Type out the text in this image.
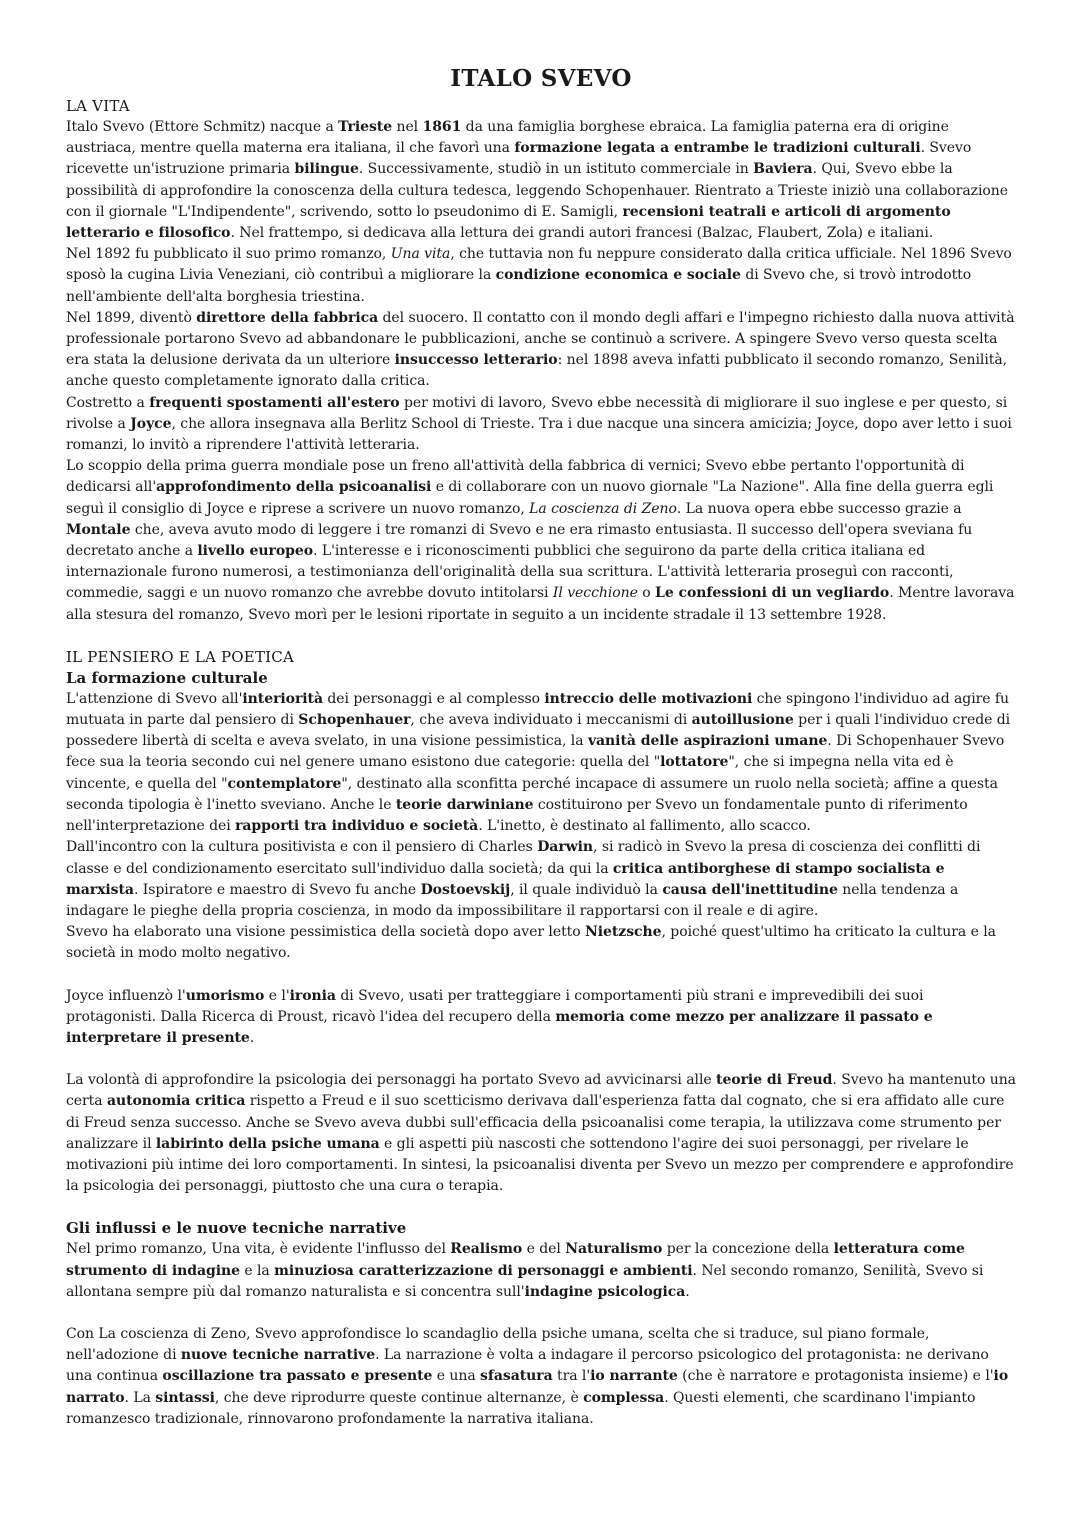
ITALO SVEVO
LA VITA

Italo Svevo (Ettore Schmitz) nacque a Trieste nel 1861 da una famiglia borghese ebraica. La famiglia paterna era di origine austriaca, mentre quella materna era italiana, il che favorì una formazione legata a entrambe le tradizioni culturali. Svevo ricevette un'istruzione primaria bilingue. Successivamente, studiò in un istituto commerciale in Baviera. Qui, Svevo ebbe la possibilità di approfondire la conoscenza della cultura tedesca, leggendo Schopenhauer. Rientrato a Trieste iniziò una collaborazione con il giornale "L'Indipendente", scrivendo, sotto lo pseudonimo di E. Samigli, recensioni teatrali e articoli di argomento letterario e filosofico. Nel frattempo, si dedicava alla lettura dei grandi autori francesi (Balzac, Flaubert, Zola) e italiani.

Nel 1892 fu pubblicato il suo primo romanzo, Una vita, che tuttavia non fu neppure considerato dalla critica ufficiale. Nel 1896 Svevo sposò la cugina Livia Veneziani, ciò contribuì a migliorare la condizione economica e sociale di Svevo che, si trovò introdotto nell'ambiente dell'alta borghesia triestina.

Nel 1899, diventò direttore della fabbrica del suocero. Il contatto con il mondo degli affari e l'impegno richiesto dalla nuova attività professionale portarono Svevo ad abbandonare le pubblicazioni, anche se continuò a scrivere. A spingere Svevo verso questa scelta era stata la delusione derivata da un ulteriore insuccesso letterario: nel 1898 aveva infatti pubblicato il secondo romanzo, Senilità, anche questo completamente ignorato dalla critica.

Costretto a frequenti spostamenti all'estero per motivi di lavoro, Svevo ebbe necessità di migliorare il suo inglese e per questo, si rivolse a Joyce, che allora insegnava alla Berlitz School di Trieste. Tra i due nacque una sincera amicizia; Joyce, dopo aver letto i suoi romanzi, lo invitò a riprendere l'attività letteraria.

Lo scoppio della prima guerra mondiale pose un freno all'attività della fabbrica di vernici; Svevo ebbe pertanto l'opportunità di dedicarsi all'approfondimento della psicoanalisi e di collaborare con un nuovo giornale "La Nazione". Alla fine della guerra egli seguì il consiglio di Joyce e riprese a scrivere un nuovo romanzo, La coscienza di Zeno. La nuova opera ebbe successo grazie a Montale che, aveva avuto modo di leggere i tre romanzi di Svevo e ne era rimasto entusiasta. Il successo dell'opera sveviana fu decretato anche a livello europeo. L'interesse e i riconoscimenti pubblici che seguirono da parte della critica italiana ed internazionale furono numerosi, a testimonianza dell'originalità della sua scrittura. L'attività letteraria proseguì con racconti, commedie, saggi e un nuovo romanzo che avrebbe dovuto intitolarsi Il vecchione o Le confessioni di un vegliardo. Mentre lavorava alla stesura del romanzo, Svevo morì per le lesioni riportate in seguito a un incidente stradale il 13 settembre 1928.

IL PENSIERO E LA POETICA
La formazione culturale

L'attenzione di Svevo all'interiorità dei personaggi e al complesso intreccio delle motivazioni che spingono l'individuo ad agire fu mutuata in parte dal pensiero di Schopenhauer, che aveva individuato i meccanismi di autoillusione per i quali l'individuo crede di possedere libertà di scelta e aveva svelato, in una visione pessimistica, la vanità delle aspirazioni umane. Di Schopenhauer Svevo fece sua la teoria secondo cui nel genere umano esistono due categorie: quella del "lottatore", che si impegna nella vita ed è vincente, e quella del "contemplatore", destinato alla sconfitta perché incapace di assumere un ruolo nella società; affine a questa seconda tipologia è l'inetto sveviano. Anche le teorie darwiniane costituirono per Svevo un fondamentale punto di riferimento nell'interpretazione dei rapporti tra individuo e società. L'inetto, è destinato al fallimento, allo scacco.

Dall'incontro con la cultura positivista e con il pensiero di Charles Darwin, si radicò in Svevo la presa di coscienza dei conflitti di classe e del condizionamento esercitato sull'individuo dalla società; da qui la critica antiborghese di stampo socialista e marxista. Ispiratore e maestro di Svevo fu anche Dostoevskij, il quale individuò la causa dell'inettitudine nella tendenza a indagare le pieghe della propria coscienza, in modo da impossibilitare il rapportarsi con il reale e di agire.

Svevo ha elaborato una visione pessimistica della società dopo aver letto Nietzsche, poiché quest'ultimo ha criticato la cultura e la società in modo molto negativo.

Joyce influenzò l'umorismo e l'ironia di Svevo, usati per tratteggiare i comportamenti più strani e imprevedibili dei suoi protagonisti. Dalla Ricerca di Proust, ricavò l'idea del recupero della memoria come mezzo per analizzare il passato e interpretare il presente.

La volontà di approfondire la psicologia dei personaggi ha portato Svevo ad avvicinarsi alle teorie di Freud. Svevo ha mantenuto una certa autonomia critica rispetto a Freud e il suo scetticismo derivava dall'esperienza fatta dal cognato, che si era affidato alle cure di Freud senza successo. Anche se Svevo aveva dubbi sull'efficacia della psicoanalisi come terapia, la utilizzava come strumento per analizzare il labirinto della psiche umana e gli aspetti più nascosti che sottendono l'agire dei suoi personaggi, per rivelare le motivazioni più intime dei loro comportamenti. In sintesi, la psicoanalisi diventa per Svevo un mezzo per comprendere e approfondire la psicologia dei personaggi, piuttosto che una cura o terapia.

Gli influssi e le nuove tecniche narrative

Nel primo romanzo, Una vita, è evidente l'influsso del Realismo e del Naturalismo per la concezione della letteratura come strumento di indagine e la minuziosa caratterizzazione di personaggi e ambienti. Nel secondo romanzo, Senilità, Svevo si allontana sempre più dal romanzo naturalista e si concentra sull'indagine psicologica.

Con La coscienza di Zeno, Svevo approfondisce lo scandaglio della psiche umana, scelta che si traduce, sul piano formale, nell'adozione di nuove tecniche narrative. La narrazione è volta a indagare il percorso psicologico del protagonista: ne derivano una continua oscillazione tra passato e presente e una sfasatura tra l'io narrante (che è narratore e protagonista insieme) e l'io narrato. La sintassi, che deve riprodurre queste continue alternanze, è complessa. Questi elementi, che scardinano l'impianto romanzesco tradizionale, rinnovarono profondamente la narrativa italiana.
